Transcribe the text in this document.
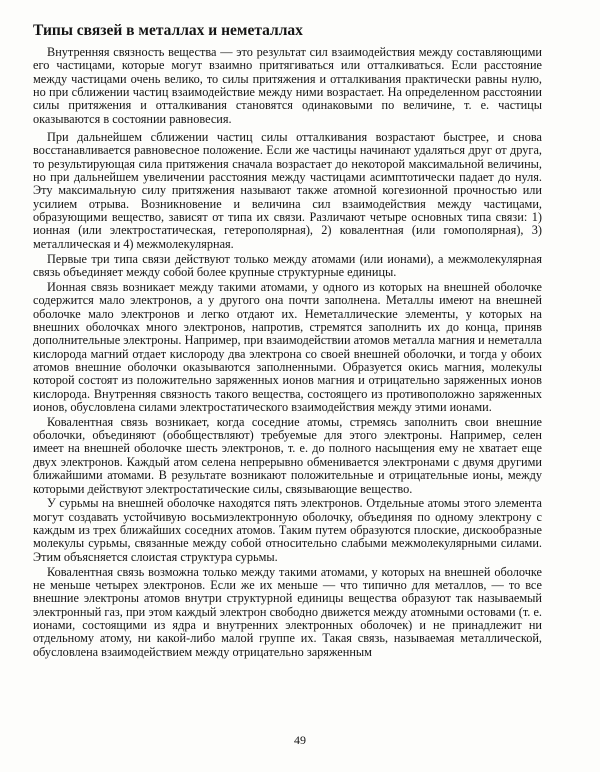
Типы связей в металлах и неметаллах

Внутренняя связность вещества — это результат сил взаимодействия между составляющими его частицами, которые могут взаимно притягиваться или отталкиваться. Если расстояние между частицами очень велико, то силы притяжения и отталкивания практически равны нулю, но при сближении частиц взаимодействие между ними возрастает. На определенном расстоянии силы притяжения и отталкивания становятся одинаковыми по величине, т. е. частицы оказываются в состоянии равновесия.

При дальнейшем сближении частиц силы отталкивания возрастают быстрее, и снова восстанавливается равновесное положение. Если же частицы начинают удаляться друг от друга, то результирующая сила притяжения сначала возрастает до некоторой максимальной величины, но при дальнейшем увеличении расстояния между частицами асимптотически падает до нуля. Эту максимальную силу притяжения называют также атомной когезионной прочностью или усилием отрыва. Возникновение и величина сил взаимодействия между частицами, образующими вещество, зависят от типа их связи. Различают четыре основных типа связи: 1) ионная (или электростатическая, гетерополярная), 2) ковалентная (или гомополярная), 3) металлическая и 4) межмолекулярная.

Первые три типа связи действуют только между атомами (или ионами), а межмолекулярная связь объединяет между собой более крупные структурные единицы.

Ионная связь возникает между такими атомами, у одного из которых на внешней оболочке содержится мало электронов, а у другого она почти заполнена. Металлы имеют на внешней оболочке мало электронов и легко отдают их. Неметаллические элементы, у которых на внешних оболочках много электронов, напротив, стремятся заполнить их до конца, приняв дополнительные электроны. Например, при взаимодействии атомов металла магния и неметалла кислорода магний отдает кислороду два электрона со своей внешней оболочки, и тогда у обоих атомов внешние оболочки оказываются заполненными. Образуется окись магния, молекулы которой состоят из положительно заряженных ионов магния и отрицательно заряженных ионов кислорода. Внутренняя связность такого вещества, состоящего из противоположно заряженных ионов, обусловлена силами электростатического взаимодействия между этими ионами.

Ковалентная связь возникает, когда соседние атомы, стремясь заполнить свои внешние оболочки, объединяют (обобществляют) требуемые для этого электроны. Например, селен имеет на внешней оболочке шесть электронов, т. е. до полного насыщения ему не хватает еще двух электронов. Каждый атом селена непрерывно обменивается электронами с двумя другими ближайшими атомами. В результате возникают положительные и отрицательные ионы, между которыми действуют электростатические силы, связывающие вещество.

У сурьмы на внешней оболочке находятся пять электронов. Отдельные атомы этого элемента могут создавать устойчивую восьмиэлектронную оболочку, объединяя по одному электрону с каждым из трех ближайших соседних атомов. Таким путем образуются плоские, дискообразные молекулы сурьмы, связанные между собой относительно слабыми межмолекулярными силами. Этим объясняется слоистая структура сурьмы.

Ковалентная связь возможна только между такими атомами, у которых на внешней оболочке не меньше четырех электронов. Если же их меньше — что типично для металлов, — то все внешние электроны атомов внутри структурной единицы вещества образуют так называемый электронный газ, при этом каждый электрон свободно движется между атомными остовами (т. е. ионами, состоящими из ядра и внутренних электронных оболочек) и не принадлежит ни отдельному атому, ни какой-либо малой группе их. Такая связь, называемая металлической, обусловлена взаимодействием между отрицательно заряженным

49
